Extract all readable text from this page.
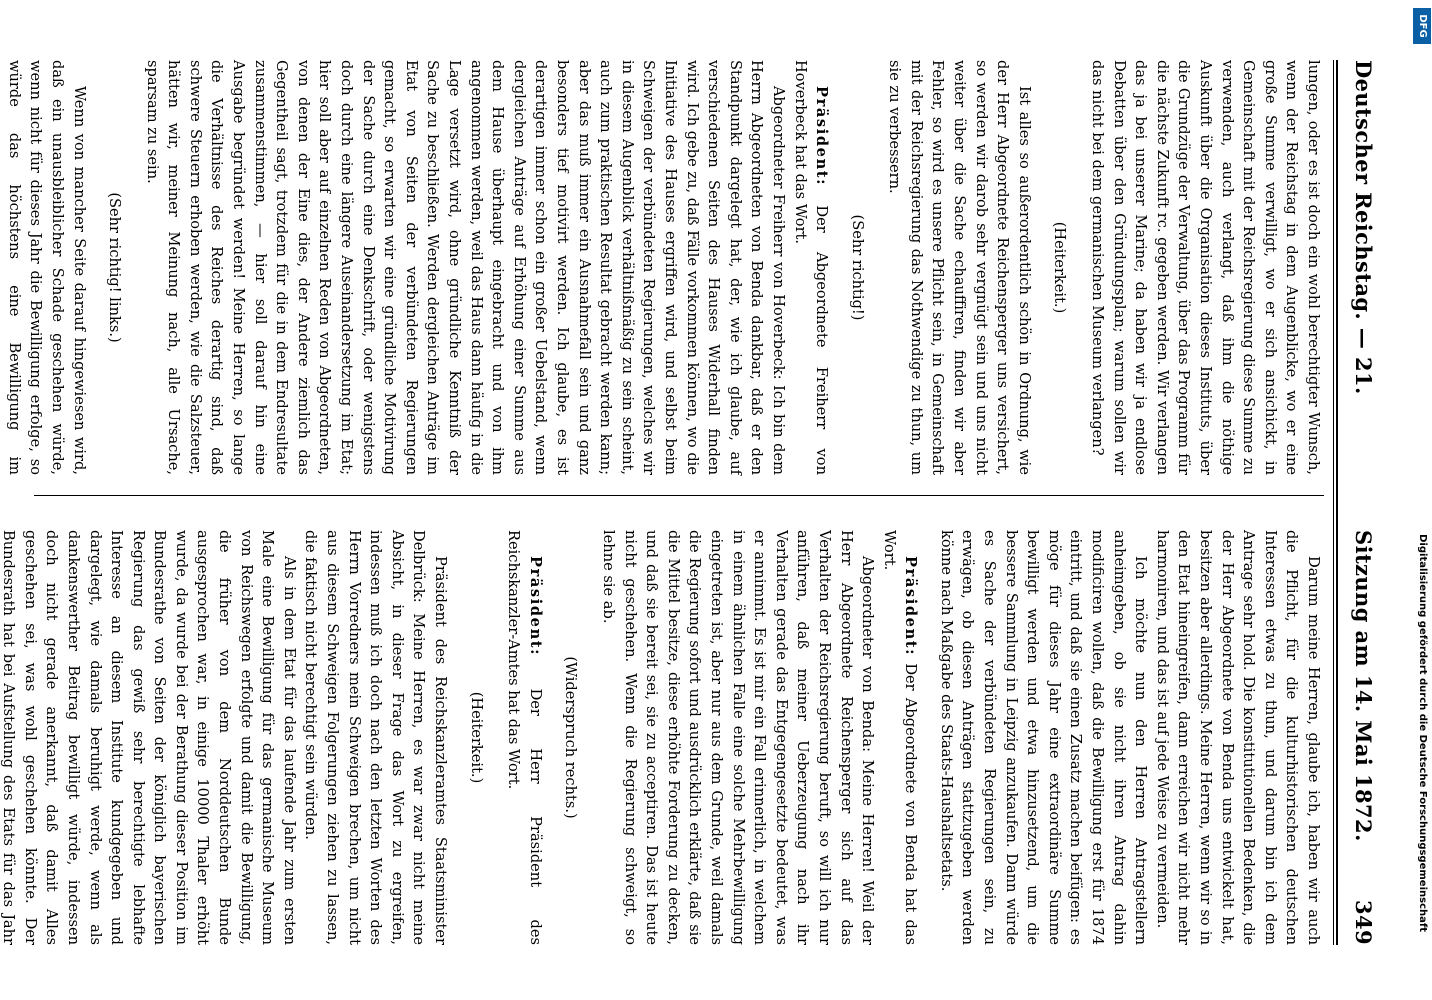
Deutscher Reichstag. — 21.
Sitzung am 14. Mai 1872.
349

lungen, oder es ist doch ein wohl berechtigter Wunsch, wenn der Reichstag in dem Augenblicke, wo er eine große Summe verwilligt, wo er sich ansichickt, in Gemeinschaft mit der Reichsregierung diese Summe zu verwenden, auch verlangt, daß ihm die nöthige Auskunft über die Organisation dieses Instituts, über die Grundzüge der Verwaltung, über das Programm für die nächste Zukunft rc. gegeben werden. Wir verlangen das ja bei unserer Marine; da haben wir ja endlose Debatten über den Gründungsplan; warum sollen wir das nicht bei dem germanischen Museum verlangen?

(Heiterkeit.)

Ist alles so außerordentlich schön in Ordnung, wie der Herr Abgeordnete Reichensperger uns versichert, so werden wir darob sehr vergnügt sein und uns nicht weiter über die Sache echauffiren, finden wir aber Fehler, so wird es unsere Pflicht sein, in Gemeinschaft mit der Reichsregierung das Nothwendige zu thun, um sie zu verbessern.

(Sehr richtig!)

Präsident: Der Abgeordnete Freiherr von Hoverbeck hat das Wort.

Abgeordneter Freiherr von Hoverbeck: Ich bin dem Herrn Abgeordneten von Benda dankbar, daß er den Standpunkt dargelegt hat, der, wie ich glaube, auf verschiedenen Seiten des Hauses Widerhall finden wird. Ich gebe zu, daß Fälle vorkommen können, wo die Initiative des Hauses ergriffen wird, und selbst beim Schweigen der verbündeten Regierungen, welches wir in diesem Augenblick verhältnißmäßig zu sein scheint, auch zum praktischen Resultat gebracht werden kann; aber das muß immer ein Ausnahmefall sein und ganz besonders tief motivirt werden. Ich glaube, es ist derartigen immer schon ein großer Uebelstand, wenn dergleichen Anträge auf Erhöhung einer Summe aus dem Hause überhaupt eingebracht und von ihm angenommen werden, weil das Haus dann häufig in die Lage versetzt wird, ohne gründliche Kenntniß der Sache zu beschließen. Werden dergleichen Anträge im Etat von Seiten der verbündeten Regierungen gemacht, so erwarten wir eine gründliche Motivirung der Sache durch eine Denkschrift, oder wenigstens doch durch eine längere Auseinandersetzung im Etat; hier soll aber auf einzelnen Reden von Abgeordneten, von denen der Eine dies, der Andere ziemlich das Gegentheil sagt, trotzdem für die in dem Endresultate zusammenstimmen, — hier soll darauf hin eine Ausgabe begründet werden! Meine Herren, so lange die Verhältnisse des Reiches derartig sind, daß schwere Steuern erhoben werden, wie die Salzsteuer, hätten wir, meiner Meinung nach, alle Ursache, sparsam zu sein.

(Sehr richtig! links.)

Wenn von mancher Seite darauf hingewiesen wird, daß ein unausbleiblicher Schade geschehen würde, wenn nicht für dieses Jahr die Bewilligung erfolge, so würde das höchstens eine Bewilligung im

Darum meine Herren, glaube ich, haben wir auch die Pflicht, für die kulturhistorischen deutschen Interessen etwas zu thun, und darum bin ich dem Antrage sehr hold. Die konstitutionellen Bedenken, die der Herr Abgeordnete von Benda uns entwickelt hat, besitzen aber allerdings. Meine Herren, wenn wir so in den Etat hineingreifen, dann erreichen wir nicht mehr harmoniren, und das ist auf jede Weise zu vermeiden.

Ich möchte nun den Herren Antragstellern anheimgeben, ob sie nicht ihren Antrag dahin modificiren wollen, daß die Bewilligung erst für 1874 eintritt, und daß sie einen Zusatz machen beifügen: es möge für dieses Jahr eine extraordinäre Summe bewilligt werden und etwa hinzusetzend, um die bessere Sammlung in Leipzig anzukaufen. Dann würde es Sache der verbündeten Regierungen sein, zu erwägen, ob diesen Anträgen stattzugeben werden könne nach Maßgabe des Staats-Haushaltsetats.

Präsident: Der Abgeordnete von Benda hat das Wort.

Abgeordneter von Benda: Meine Herren! Weil der Herr Abgeordnete Reichensperger sich auf das Verhalten der Reichsregierung beruft, so will ich nur anführen, daß meiner Ueberzeugung nach ihr Verhalten gerade das Entgegengesetzte bedeutet, was er annimmt. Es ist mir ein Fall erinnerlich, in welchem in einem ähnlichen Falle eine solche Mehrbewilligung eingetreten ist, aber nur aus dem Grunde, weil damals die Regierung sofort und ausdrücklich erklärte, daß sie die Mittel besitze, diese erhöhte Forderung zu decken, und daß sie bereit sei, sie zu acceptiren. Das ist heute nicht geschehen. Wenn die Regierung schweigt, so lehne sie ab.

(Widerspruch rechts.)

Präsident: Der Herr Präsident des Reichskanzler-Amtes hat das Wort.

(Heiterkeit.)

Präsident des Reichskanzleramtes Staatsminister Delbrück: Meine Herren, es war zwar nicht meine Absicht, in dieser Frage das Wort zu ergreifen, indessen muß ich doch nach den letzten Worten des Herrn Vorredners mein Schweigen brechen, um nicht aus diesem Schweigen Folgerungen ziehen zu lassen, die faktisch nicht berechtigt sein würden.

Als in dem Etat für das laufende Jahr zum ersten Male eine Bewilligung für das germanische Museum von Reichswegen erfolgte und damit die Bewilligung, die früher von dem Norddeutschen Bunde ausgesprochen war, in einige 10000 Thaler erhöht wurde, da wurde bei der Berathung dieser Position im Bundesrathe von Seiten der königlich bayerischen Regierung das gewiß sehr berechtigte lebhafte Interesse an diesem Institute kundgegeben und dargelegt, wie damals beruhigt werde, wenn als dankenswerther Beitrag bewilligt würde, indessen doch nicht gerade anerkannt, daß damit Alles geschehen sei, was wohl geschehen könnte. Der Bundesrath hat bei Aufstellung des Etats für das Jahr	Digitalisierung gefördert durch die Deutsche Forschungsgemeinschaft
DFG
